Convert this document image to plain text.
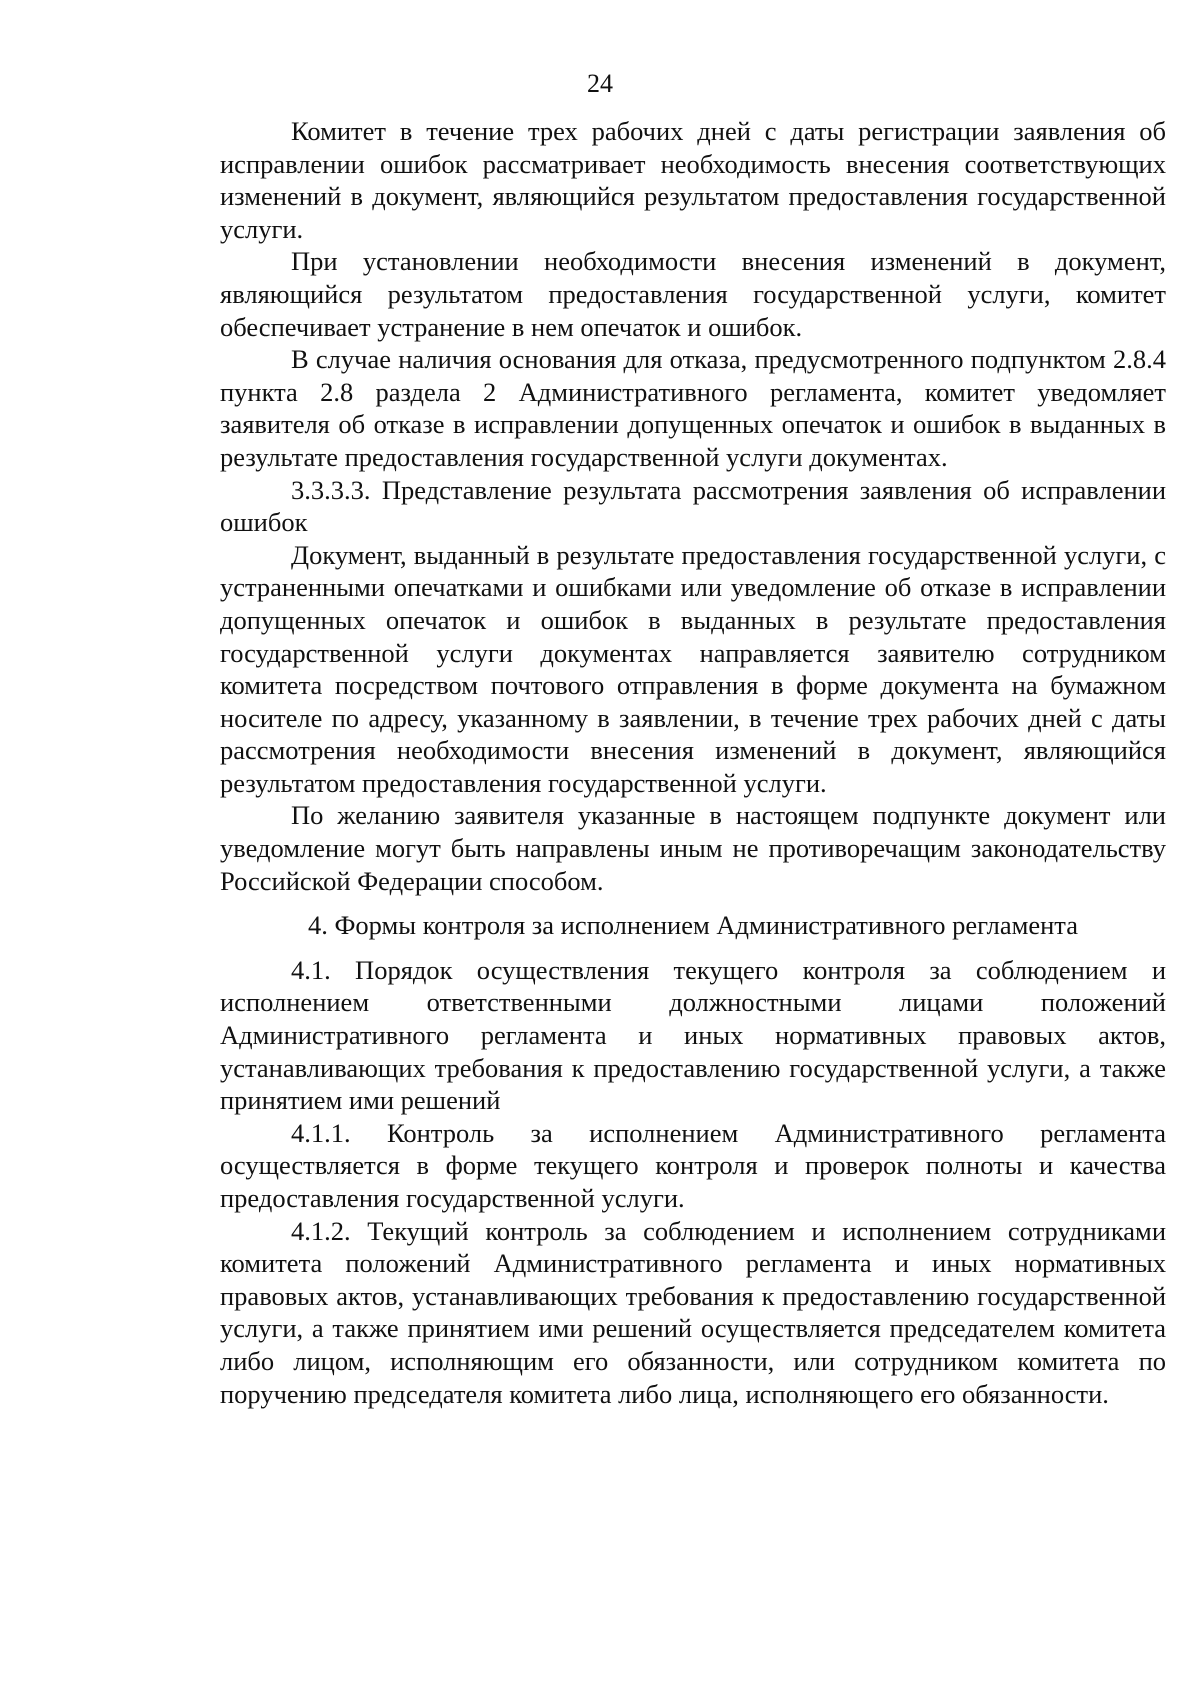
24

Комитет в течение трех рабочих дней с даты регистрации заявления об исправлении ошибок рассматривает необходимость внесения соответствующих изменений в документ, являющийся результатом предоставления государственной услуги.

При установлении необходимости внесения изменений в документ, являющийся результатом предоставления государственной услуги, комитет обеспечивает устранение в нем опечаток и ошибок.

В случае наличия основания для отказа, предусмотренного подпунктом 2.8.4 пункта 2.8 раздела 2 Административного регламента, комитет уведомляет заявителя об отказе в исправлении допущенных опечаток и ошибок в выданных в результате предоставления государственной услуги документах.

3.3.3.3. Представление результата рассмотрения заявления об исправлении ошибок

Документ, выданный в результате предоставления государственной услуги, с устраненными опечатками и ошибками или уведомление об отказе в исправлении допущенных опечаток и ошибок в выданных в результате предоставления государственной услуги документах направляется заявителю сотрудником комитета посредством почтового отправления в форме документа на бумажном носителе по адресу, указанному в заявлении, в течение трех рабочих дней с даты рассмотрения необходимости внесения изменений в документ, являющийся результатом предоставления государственной услуги.

По желанию заявителя указанные в настоящем подпункте документ или уведомление могут быть направлены иным не противоречащим законодательству Российской Федерации способом.

4. Формы контроля за исполнением Административного регламента

4.1. Порядок осуществления текущего контроля за соблюдением и исполнением ответственными должностными лицами положений Административного регламента и иных нормативных правовых актов, устанавливающих требования к предоставлению государственной услуги, а также принятием ими решений

4.1.1. Контроль за исполнением Административного регламента осуществляется в форме текущего контроля и проверок полноты и качества предоставления государственной услуги.

4.1.2. Текущий контроль за соблюдением и исполнением сотрудниками комитета положений Административного регламента и иных нормативных правовых актов, устанавливающих требования к предоставлению государственной услуги, а также принятием ими решений осуществляется председателем комитета либо лицом, исполняющим его обязанности, или сотрудником комитета по поручению председателя комитета либо лица, исполняющего его обязанности.
